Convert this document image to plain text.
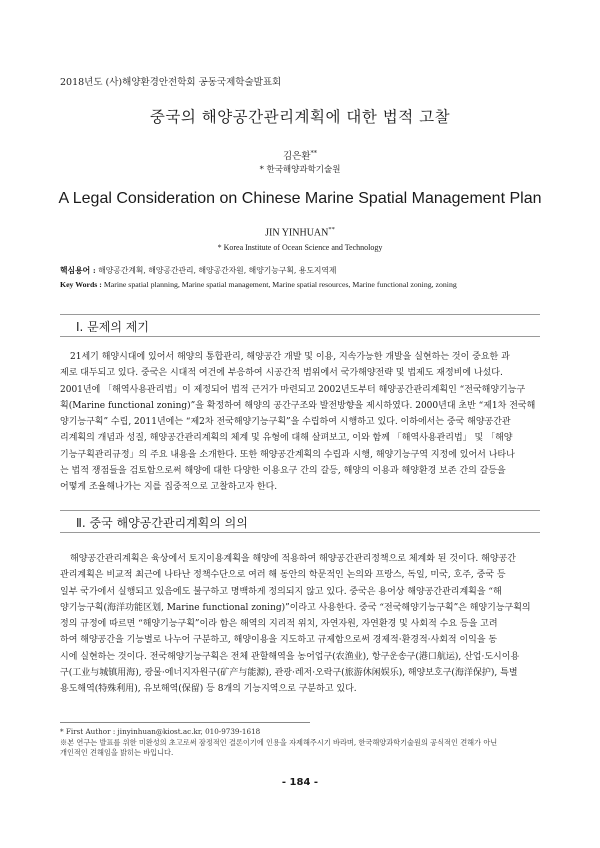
2018년도 (사)해양환경안전학회 공동국제학술발표회
중국의 해양공간관리계획에 대한 법적 고찰
김은환**
* 한국해양과학기술원
A Legal Consideration on Chinese Marine Spatial Management Plan
JIN YINHUAN**
* Korea Institute of Ocean Science and Technology
핵심용어 : 해양공간계획, 해양공간관리, 해양공간자원, 해양기능구획, 용도지역제
Key Words : Marine spatial planning, Marine spatial management, Marine spatial resources, Marine functional zoning, zoning
Ⅰ. 문제의 제기
21세기 해양시대에 있어서 해양의 통합관리, 해양공간 개발 및 이용, 지속가능한 개발을 실현하는 것이 중요한 과
제로 대두되고 있다. 중국은 시대적 여건에 부응하여 시공간적 범위에서 국가해양전략 및 법제도 재정비에 나섰다.
2001년에 「해역사용관리법」이 제정되어 법적 근거가 마련되고 2002년도부터 해양공간관리계획인 “전국해양기능구
획(Marine functional zoning)”을 확정하여 해양의 공간구조와 발전방향을 제시하였다. 2000년대 초반 “제1차 전국해
양기능구획” 수립, 2011년에는 “제2차 전국해양기능구획”을 수립하여 시행하고 있다. 이하에서는 중국 해양공간관
리계획의 개념과 성질, 해양공간관리계획의 체계 및 유형에 대해 살펴보고, 이와 함께 「해역사용관리법」 및 「해양
기능구획관리규정」의 주요 내용을 소개한다. 또한 해양공간계획의 수립과 시행, 해양기능구역 지정에 있어서 나타나
는 법적 쟁점들을 검토함으로써 해양에 대한 다양한 이용요구 간의 갈등, 해양의 이용과 해양환경 보존 간의 갈등을
어떻게 조율해나가는 지를 집중적으로 고찰하고자 한다.
Ⅱ. 중국 해양공간관리계획의 의의
해양공간관리계획은 육상에서 토지이용계획을 해양에 적용하여 해양공간관리정책으로 체계화 된 것이다. 해양공간
관리계획은 비교적 최근에 나타난 정책수단으로 여러 해 동안의 학문적인 논의와 프랑스, 독일, 미국, 호주, 중국 등
일부 국가에서 실행되고 있음에도 불구하고 명백하게 정의되지 않고 있다. 중국은 용어상 해양공간관리계획을 “해
양기능구획(海洋功能区划, Marine functional zoning)”이라고 사용한다. 중국 “전국해양기능구획”은 해양기능구획의
정의 규정에 따르면 “해양기능구획”이라 함은 해역의 지리적 위치, 자연자원, 자연환경 및 사회적 수요 등을 고려
하여 해양공간을 기능별로 나누어 구분하고, 해양이용을 지도하고 규제함으로써 경제적·환경적·사회적 이익을 동
시에 실현하는 것이다. 전국해양기능구획은 전체 관할해역을 농어업구(农渔业), 항구운송구(港口航运), 산업·도시이용
구(工业与城镇用海), 광물·에너지자원구(矿产与能源), 관광·레저·오락구(旅游休闲娱乐), 해양보호구(海洋保护), 특별
용도해역(特殊利用), 유보해역(保留) 등 8개의 기능지역으로 구분하고 있다.
* First Author : jinyinhuan@kiost.ac.kr, 010-9739-1618
※본 연구는 발표를 위한 미완성의 초고로써 잠정적인 결론이기에 인용을 자제해주시기 바라며, 한국해양과학기술원의 공식적인 견해가 아닌
개인적인 견해임을 밝히는 바입니다.
- 184 -
